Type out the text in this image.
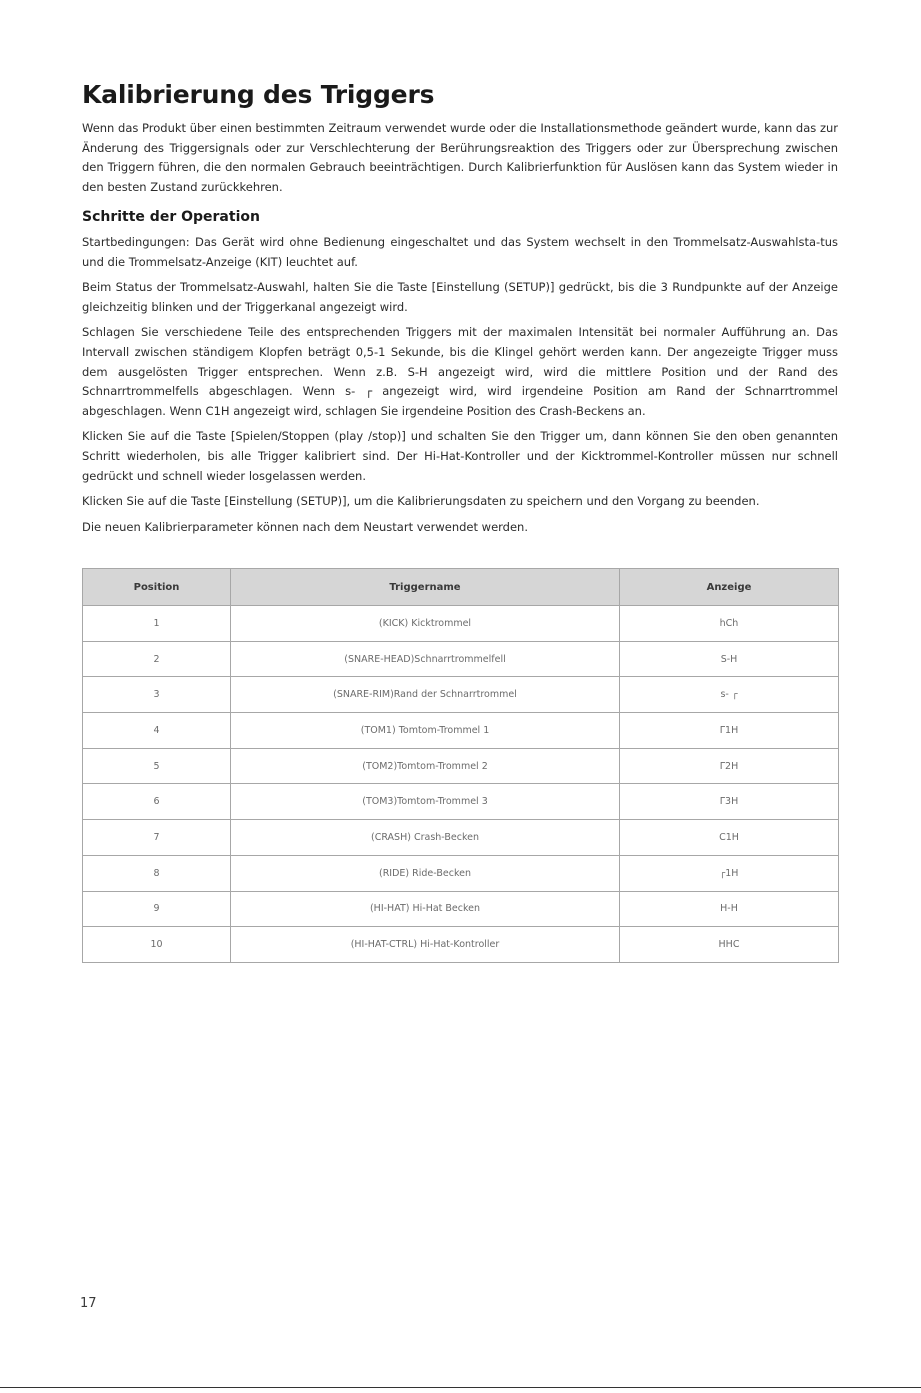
Kalibrierung des Triggers

Wenn das Produkt über einen bestimmten Zeitraum verwendet wurde oder die Installationsmethode geändert wurde, kann das zur Änderung des Triggersignals oder zur Verschlechterung der Berührungsreaktion des Triggers oder zur Übersprechung zwischen den Triggern führen, die den normalen Gebrauch beeinträchtigen. Durch Kalibrierfunktion für Auslösen kann das System wieder in den besten Zustand zurückkehren.

Schritte der Operation

Startbedingungen: Das Gerät wird ohne Bedienung eingeschaltet und das System wechselt in den Trommelsatz-Auswahlsta-tus und die Trommelsatz-Anzeige (KIT) leuchtet auf.

Beim Status der Trommelsatz-Auswahl, halten Sie die Taste [Einstellung (SETUP)] gedrückt, bis die 3 Rundpunkte auf der Anzeige gleichzeitig blinken und der Triggerkanal angezeigt wird.

Schlagen Sie verschiedene Teile des entsprechenden Triggers mit der maximalen Intensität bei normaler Aufführung an. Das Intervall zwischen ständigem Klopfen beträgt 0,5-1 Sekunde, bis die Klingel gehört werden kann. Der angezeigte Trigger muss dem ausgelösten Trigger entsprechen. Wenn z.B. S-H angezeigt wird, wird die mittlere Position und der Rand des Schnarrtrommelfells abgeschlagen. Wenn s- ┌ angezeigt wird, wird irgendeine Position am Rand der Schnarrtrommel abgeschlagen. Wenn C1H angezeigt wird, schlagen Sie irgendeine Position des Crash-Beckens an.

Klicken Sie auf die Taste [Spielen/Stoppen (play /stop)] und schalten Sie den Trigger um, dann können Sie den oben genannten Schritt wiederholen, bis alle Trigger kalibriert sind. Der Hi-Hat-Kontroller und der Kicktrommel-Kontroller müssen nur schnell gedrückt und schnell wieder losgelassen werden.

Klicken Sie auf die Taste [Einstellung (SETUP)], um die Kalibrierungsdaten zu speichern und den Vorgang zu beenden.

Die neuen Kalibrierparameter können nach dem Neustart verwendet werden.

Position	Triggername	Anzeige
1	(KICK) Kicktrommel	hCh
2	(SNARE-HEAD)Schnarrtrommelfell	S-H
3	(SNARE-RIM)Rand der Schnarrtrommel	s- ┌
4	(TOM1) Tomtom-Trommel 1	Γ1H
5	(TOM2)Tomtom-Trommel 2	Γ2H
6	(TOM3)Tomtom-Trommel 3	Γ3H
7	(CRASH) Crash-Becken	C1H
8	(RIDE) Ride-Becken	┌1H
9	(HI-HAT) Hi-Hat Becken	H-H
10	(HI-HAT-CTRL) Hi-Hat-Kontroller	HHC
17
